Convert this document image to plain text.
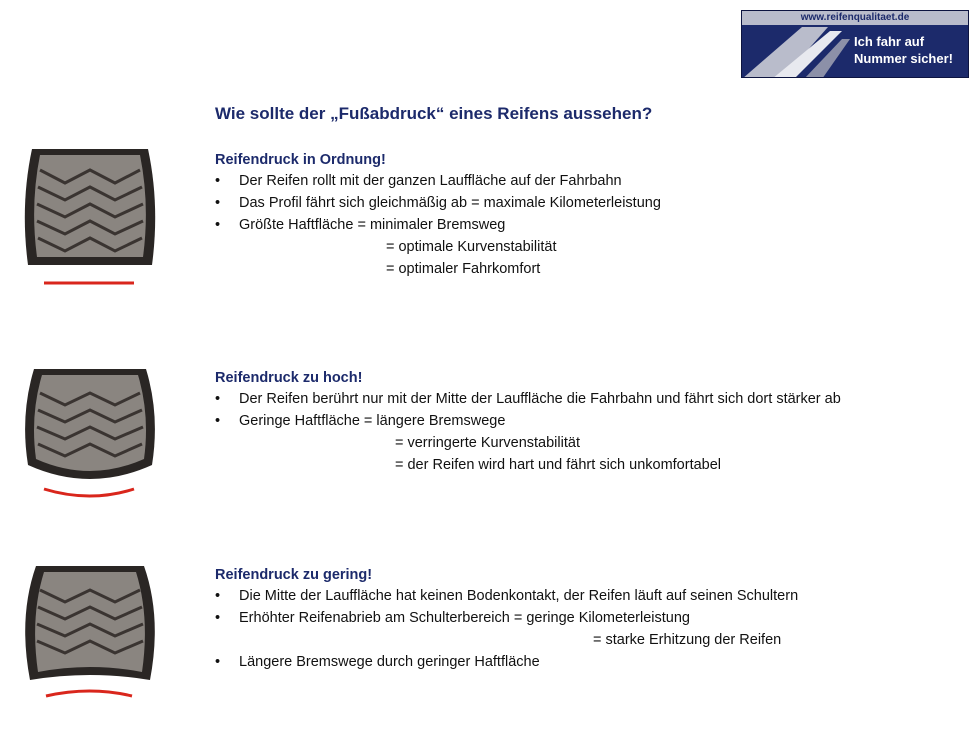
www.reifenqualitaet.de
Ich fahr auf
Nummer sicher!
Wie sollte der „Fußabdruck“ eines Reifens aussehen?
Reifendruck in Ordnung!
• Der Reifen rollt mit der ganzen Lauffläche auf der Fahrbahn
• Das Profil fährt sich gleichmäßig ab = maximale Kilometerleistung
• Größte Haftfläche = minimaler Bremsweg
= optimale Kurvenstabilität
= optimaler Fahrkomfort
Reifendruck zu hoch!
• Der Reifen berührt nur mit der Mitte der Lauffläche die Fahrbahn und fährt sich dort stärker ab
• Geringe Haftfläche = längere Bremswege
= verringerte Kurvenstabilität
= der Reifen wird hart und fährt sich unkomfortabel
Reifendruck zu gering!
• Die Mitte der Lauffläche hat keinen Bodenkontakt, der Reifen läuft auf seinen Schultern
• Erhöhter Reifenabrieb am Schulterbereich = geringe Kilometerleistung
= starke Erhitzung der Reifen
• Längere Bremswege durch geringer Haftfläche
